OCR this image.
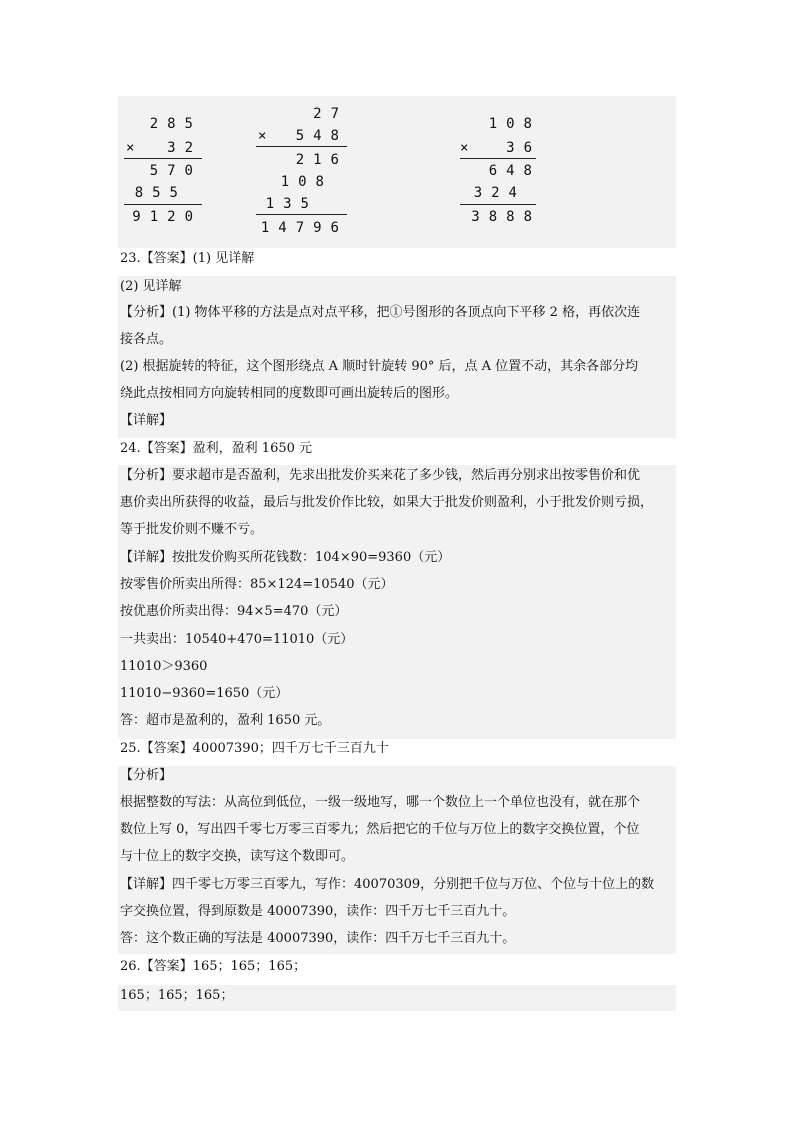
285
× 32
570
855
9120
27
× 548
216
108
135
14796
108
×	36
648
324
3888
23.【答案】(1) 见详解
(2) 见详解
【分析】(1) 物体平移的方法是点对点平移，把①号图形的各顶点向下平移 2 格，再依次连
接各点。
(2) 根据旋转的特征，这个图形绕点 A 顺时针旋转 90° 后，点 A 位置不动，其余各部分均
绕此点按相同方向旋转相同的度数即可画出旋转后的图形。
【详解】
24.【答案】盈利，盈利 1650 元
【分析】要求超市是否盈利，先求出批发价买来花了多少钱，然后再分别求出按零售价和优
惠价卖出所获得的收益，最后与批发价作比较，如果大于批发价则盈利，小于批发价则亏损，
等于批发价则不赚不亏。
【详解】按批发价购买所花钱数：104×90=9360（元）
按零售价所卖出所得：85×124=10540（元）
按优惠价所卖出得：94×5=470（元）
一共卖出：10540+470=11010（元）
11010＞9360
11010−9360=1650（元）
答：超市是盈利的，盈利 1650 元。
25.【答案】40007390；四千万七千三百九十
【分析】
根据整数的写法：从高位到低位，一级一级地写，哪一个数位上一个单位也没有，就在那个
数位上写 0，写出四千零七万零三百零九；然后把它的千位与万位上的数字交换位置，个位
与十位上的数字交换，读写这个数即可。
【详解】四千零七万零三百零九，写作：40070309，分别把千位与万位、个位与十位上的数
字交换位置，得到原数是 40007390，读作：四千万七千三百九十。
答：这个数正确的写法是 40007390，读作：四千万七千三百九十。
26.【答案】165；165；165；
165；165；165；
